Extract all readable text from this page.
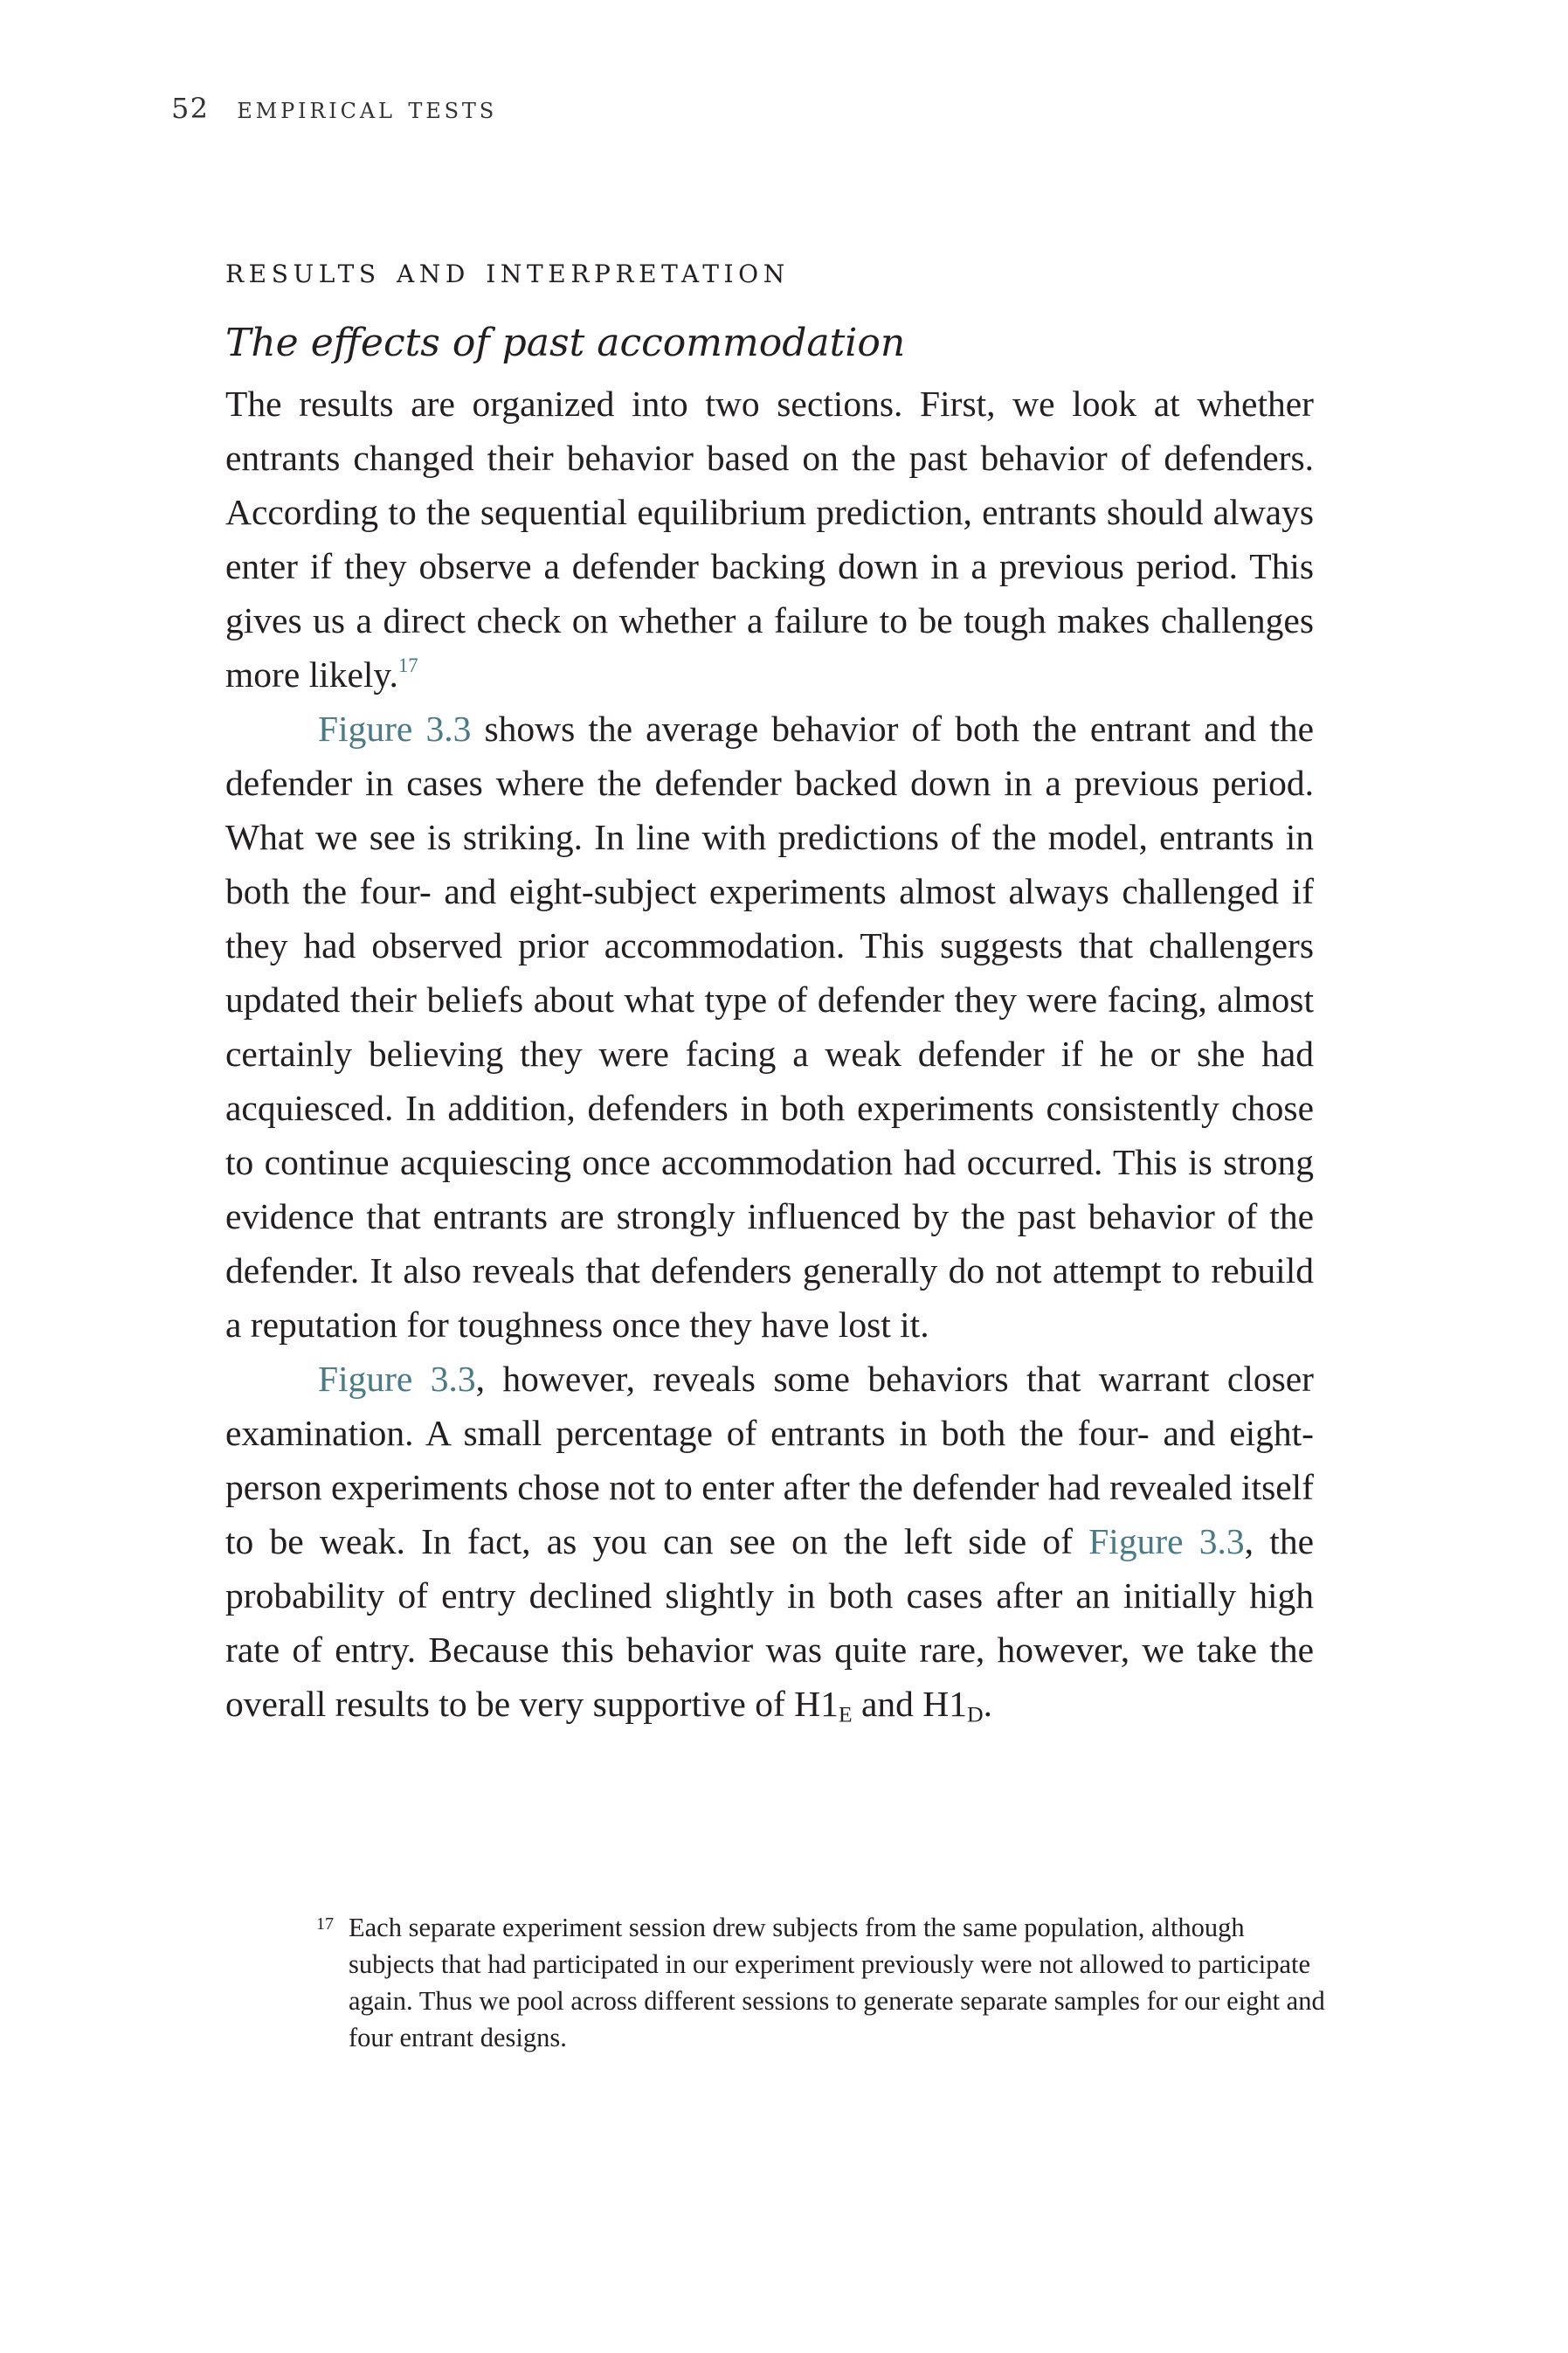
52 empirical tests
results and interpretation
The effects of past accommodation

The results are organized into two sections. First, we look at whether entrants changed their behavior based on the past behavior of defenders. According to the sequential equilibrium prediction, entrants should always enter if they observe a defender backing down in a previous period. This gives us a direct check on whether a failure to be tough makes challenges more likely.$^{17}$

Figure 3.3 shows the average behavior of both the entrant and the defender in cases where the defender backed down in a previous period. What we see is striking. In line with predictions of the model, entrants in both the four- and eight-subject experiments almost always challenged if they had observed prior accommodation. This suggests that challengers updated their beliefs about what type of defender they were facing, almost certainly believing they were facing a weak defender if he or she had acquiesced. In addition, defenders in both experiments consistently chose to continue acquiescing once accommodation had occurred. This is strong evidence that entrants are strongly influenced by the past behavior of the defender. It also reveals that defenders generally do not attempt to rebuild a reputation for toughness once they have lost it.

Figure 3.3, however, reveals some behaviors that warrant closer examination. A small percentage of entrants in both the four- and eight-person experiments chose not to enter after the defender had revealed itself to be weak. In fact, as you can see on the left side of Figure 3.3, the probability of entry declined slightly in both cases after an initially high rate of entry. Because this behavior was quite rare, however, we take the overall results to be very supportive of $H1_E$ and $H1_D$.

17 Each separate experiment session drew subjects from the same population, although subjects that had participated in our experiment previously were not allowed to participate again. Thus we pool across different sessions to generate separate samples for our eight and four entrant designs.
